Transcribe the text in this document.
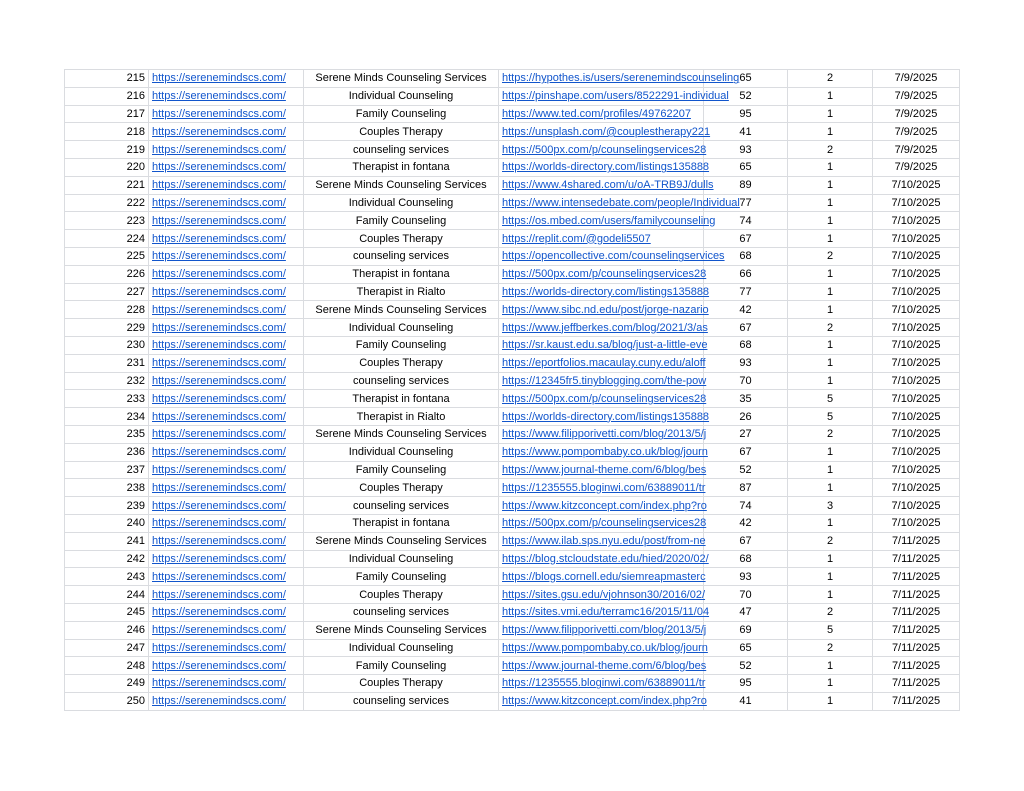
215	https://serenemindscs.com/	Serene Minds Counseling Services	https://hypothes.is/users/serenemindscounseling	65	2	7/9/2025
216	https://serenemindscs.com/	Individual Counseling	https://pinshape.com/users/8522291-individual	52	1	7/9/2025
217	https://serenemindscs.com/	Family Counseling	https://www.ted.com/profiles/49762207	95	1	7/9/2025
218	https://serenemindscs.com/	Couples Therapy	https://unsplash.com/@couplestherapy221	41	1	7/9/2025
219	https://serenemindscs.com/	counseling services	https://500px.com/p/counselingservices28	93	2	7/9/2025
220	https://serenemindscs.com/	Therapist in fontana	https://worlds-directory.com/listings135888	65	1	7/9/2025
221	https://serenemindscs.com/	Serene Minds Counseling Services	https://www.4shared.com/u/oA-TRB9J/dulls	89	1	7/10/2025
222	https://serenemindscs.com/	Individual Counseling	https://www.intensedebate.com/people/Individual	77	1	7/10/2025
223	https://serenemindscs.com/	Family Counseling	https://os.mbed.com/users/familycounseling	74	1	7/10/2025
224	https://serenemindscs.com/	Couples Therapy	https://replit.com/@godeli5507	67	1	7/10/2025
225	https://serenemindscs.com/	counseling services	https://opencollective.com/counselingservices	68	2	7/10/2025
226	https://serenemindscs.com/	Therapist in fontana	https://500px.com/p/counselingservices28	66	1	7/10/2025
227	https://serenemindscs.com/	Therapist in Rialto	https://worlds-directory.com/listings135888	77	1	7/10/2025
228	https://serenemindscs.com/	Serene Minds Counseling Services	https://www.sibc.nd.edu/post/jorge-nazario	42	1	7/10/2025
229	https://serenemindscs.com/	Individual Counseling	https://www.jeffberkes.com/blog/2021/3/as	67	2	7/10/2025
230	https://serenemindscs.com/	Family Counseling	https://sr.kaust.edu.sa/blog/just-a-little-eve	68	1	7/10/2025
231	https://serenemindscs.com/	Couples Therapy	https://eportfolios.macaulay.cuny.edu/aloff	93	1	7/10/2025
232	https://serenemindscs.com/	counseling services	https://12345fr5.tinyblogging.com/the-pow	70	1	7/10/2025
233	https://serenemindscs.com/	Therapist in fontana	https://500px.com/p/counselingservices28	35	5	7/10/2025
234	https://serenemindscs.com/	Therapist in Rialto	https://worlds-directory.com/listings135888	26	5	7/10/2025
235	https://serenemindscs.com/	Serene Minds Counseling Services	https://www.filipporivetti.com/blog/2013/5/j	27	2	7/10/2025
236	https://serenemindscs.com/	Individual Counseling	https://www.pompombaby.co.uk/blog/journ	67	1	7/10/2025
237	https://serenemindscs.com/	Family Counseling	https://www.journal-theme.com/6/blog/bes	52	1	7/10/2025
238	https://serenemindscs.com/	Couples Therapy	https://1235555.bloginwi.com/63889011/tr	87	1	7/10/2025
239	https://serenemindscs.com/	counseling services	https://www.kitzconcept.com/index.php?ro	74	3	7/10/2025
240	https://serenemindscs.com/	Therapist in fontana	https://500px.com/p/counselingservices28	42	1	7/10/2025
241	https://serenemindscs.com/	Serene Minds Counseling Services	https://www.ilab.sps.nyu.edu/post/from-ne	67	2	7/11/2025
242	https://serenemindscs.com/	Individual Counseling	https://blog.stcloudstate.edu/hied/2020/02/	68	1	7/11/2025
243	https://serenemindscs.com/	Family Counseling	https://blogs.cornell.edu/siemreapmasterc	93	1	7/11/2025
244	https://serenemindscs.com/	Couples Therapy	https://sites.gsu.edu/vjohnson30/2016/02/	70	1	7/11/2025
245	https://serenemindscs.com/	counseling services	https://sites.vmi.edu/terramc16/2015/11/04	47	2	7/11/2025
246	https://serenemindscs.com/	Serene Minds Counseling Services	https://www.filipporivetti.com/blog/2013/5/j	69	5	7/11/2025
247	https://serenemindscs.com/	Individual Counseling	https://www.pompombaby.co.uk/blog/journ	65	2	7/11/2025
248	https://serenemindscs.com/	Family Counseling	https://www.journal-theme.com/6/blog/bes	52	1	7/11/2025
249	https://serenemindscs.com/	Couples Therapy	https://1235555.bloginwi.com/63889011/tr	95	1	7/11/2025
250	https://serenemindscs.com/	counseling services	https://www.kitzconcept.com/index.php?ro	41	1	7/11/2025
